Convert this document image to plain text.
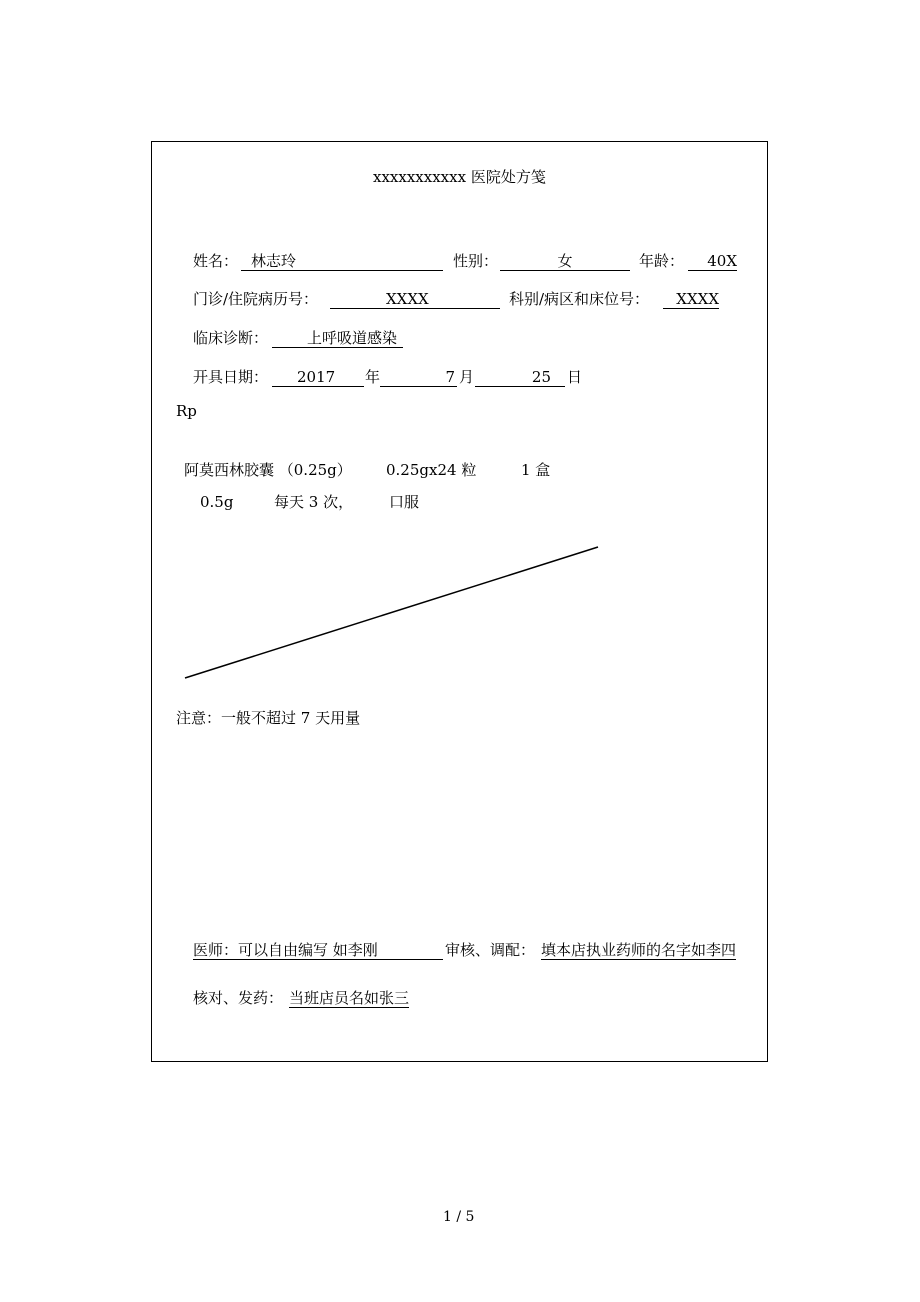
xxxxxxxxxxx 医院处方笺
姓名： 林志玲	性别：	女	年龄：	40X
门诊/住院病历号：	XXXX	科别/病区和床位号：	XXXX
临床诊断：	上呼吸道感染
开具日期：	2017	年	7 月	25	日
Rp
阿莫西林胶囊 （0.25g） 0.25gx24 粒	1 盒
0.5g	每天 3 次， 口服
注意：一般不超过 7 天用量
医师：可以自由编写 如李刚	审核、调配： 填本店执业药师的名字如李四
核对、发药： 当班店员名如张三
1 / 5
